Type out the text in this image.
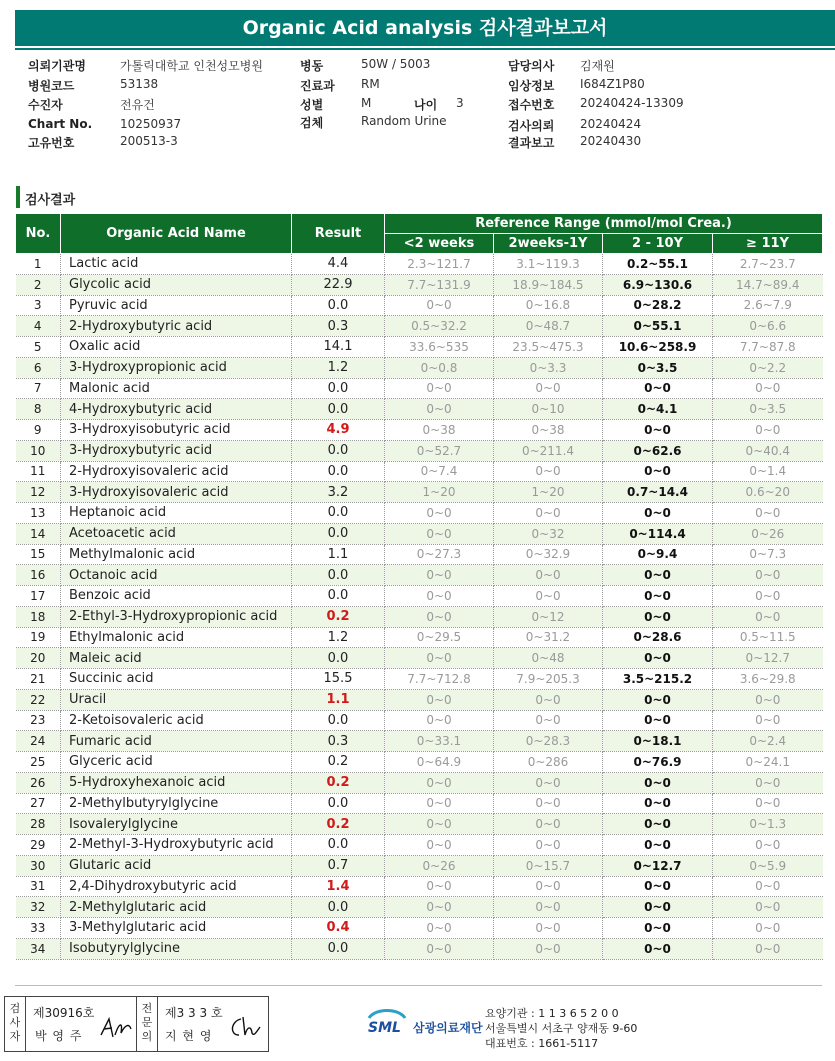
Organic Acid analysis 검사결과보고서
의뢰기관명	가톨릭대학교 인천성모병원
병원코드	53138
수진자	전유건
Chart No. 10250937
고유번호	200513-3
병동	50W / 5003
진료과 RM
성별	M
검체	Random Urine
나이 3
담당의사 김재원
임상정보 I684Z1P80
접수번호 20240424-13309
검사의뢰 20240424
결과보고 20240430
검사결과
No.	Organic Acid Name	Result	Reference Range (mmol/mol Crea.)			
			<2 weeks	2weeks-1Y	2 - 10Y	≥ 11Y
1	Lactic acid	4.4	2.3~121.7	3.1~119.3	0.2~55.1	2.7~23.7
2	Glycolic acid	22.9	7.7~131.9	18.9~184.5	6.9~130.6	14.7~89.4
3	Pyruvic acid	0.0	0~0	0~16.8	0~28.2	2.6~7.9
4	2-Hydroxybutyric acid	0.3	0.5~32.2	0~48.7	0~55.1	0~6.6
5	Oxalic acid	14.1	33.6~535	23.5~475.3	10.6~258.9	7.7~87.8
6	3-Hydroxypropionic acid	1.2	0~0.8	0~3.3	0~3.5	0~2.2
7	Malonic acid	0.0	0~0	0~0	0~0	0~0
8	4-Hydroxybutyric acid	0.0	0~0	0~10	0~4.1	0~3.5
9	3-Hydroxyisobutyric acid	4.9	0~38	0~38	0~0	0~0
10	3-Hydroxybutyric acid	0.0	0~52.7	0~211.4	0~62.6	0~40.4
11	2-Hydroxyisovaleric acid	0.0	0~7.4	0~0	0~0	0~1.4
12	3-Hydroxyisovaleric acid	3.2	1~20	1~20	0.7~14.4	0.6~20
13	Heptanoic acid	0.0	0~0	0~0	0~0	0~0
14	Acetoacetic acid	0.0	0~0	0~32	0~114.4	0~26
15	Methylmalonic acid	1.1	0~27.3	0~32.9	0~9.4	0~7.3
16	Octanoic acid	0.0	0~0	0~0	0~0	0~0
17	Benzoic acid	0.0	0~0	0~0	0~0	0~0
18	2-Ethyl-3-Hydroxypropionic acid	0.2	0~0	0~12	0~0	0~0
19	Ethylmalonic acid	1.2	0~29.5	0~31.2	0~28.6	0.5~11.5
20	Maleic acid	0.0	0~0	0~48	0~0	0~12.7
21	Succinic acid	15.5	7.7~712.8	7.9~205.3	3.5~215.2	3.6~29.8
22	Uracil	1.1	0~0	0~0	0~0	0~0
23	2-Ketoisovaleric acid	0.0	0~0	0~0	0~0	0~0
24	Fumaric acid	0.3	0~33.1	0~28.3	0~18.1	0~2.4
25	Glyceric acid	0.2	0~64.9	0~286	0~76.9	0~24.1
26	5-Hydroxyhexanoic acid	0.2	0~0	0~0	0~0	0~0
27	2-Methylbutyrylglycine	0.0	0~0	0~0	0~0	0~0
28	Isovalerylglycine	0.2	0~0	0~0	0~0	0~1.3
29	2-Methyl-3-Hydroxybutyric acid	0.0	0~0	0~0	0~0	0~0
30	Glutaric acid	0.7	0~26	0~15.7	0~12.7	0~5.9
31	2,4-Dihydroxybutyric acid	1.4	0~0	0~0	0~0	0~0
32	2-Methylglutaric acid	0.0	0~0	0~0	0~0	0~0
33	3-Methylglutaric acid	0.4	0~0	0~0	0~0	0~0
34	Isobutyrylglycine	0.0	0~0	0~0	0~0	0~0
검
사
자
제30916호
박 영 주
전
문
의
제3 3 3 호
지 현 영	SML 삼광의료재단
요양기관 : 1 1 3 6 5 2 0 0
서울특별시 서초구 양재동 9-60
대표번호 : 1661-5117
